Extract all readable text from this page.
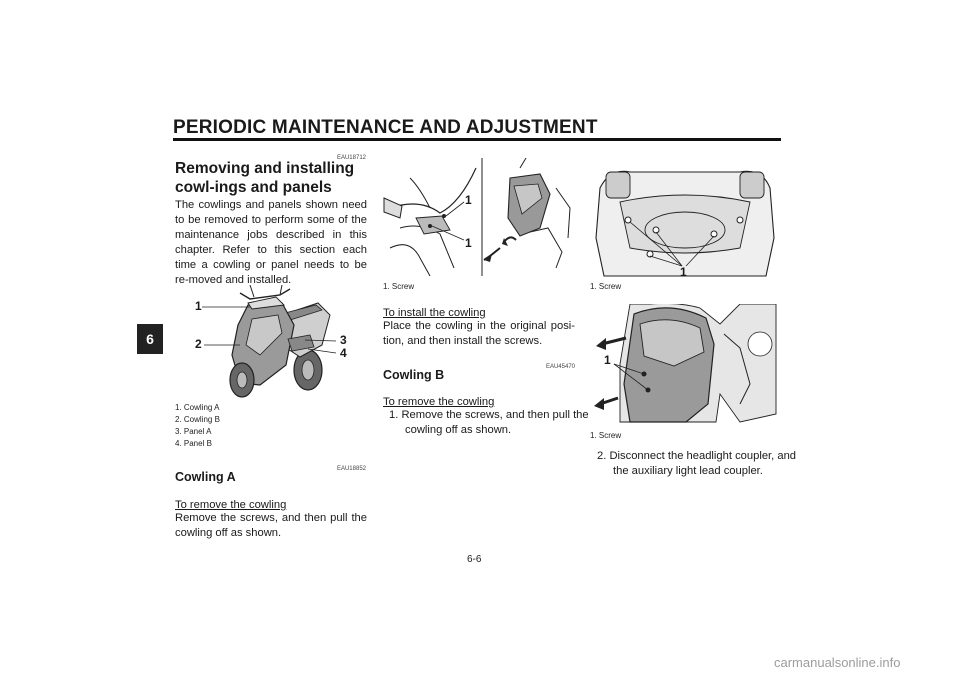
PERIODIC MAINTENANCE AND ADJUSTMENT
6
EAU18712
Removing and installing cowl-ings and panels
The cowlings and panels shown need to be removed to perform some of the maintenance jobs described in this chapter. Refer to this section each time a cowling or panel needs to be re-moved and installed.
1
2	3
4
1. Cowling A
2. Cowling B
3. Panel A
4. Panel B
EAU18852
Cowling A
To remove the cowling
Remove the screws, and then pull the cowling off as shown.
1
1
1. Screw
To install the cowling
Place the cowling in the original posi-tion, and then install the screws.
EAU45470
Cowling B
To remove the cowling
1. Remove the screws, and then pull the cowling off as shown.
1
1. Screw
1
1. Screw
2. Disconnect the headlight coupler, and the auxiliary light lead coupler.
6-6
carmanualsonline.info
